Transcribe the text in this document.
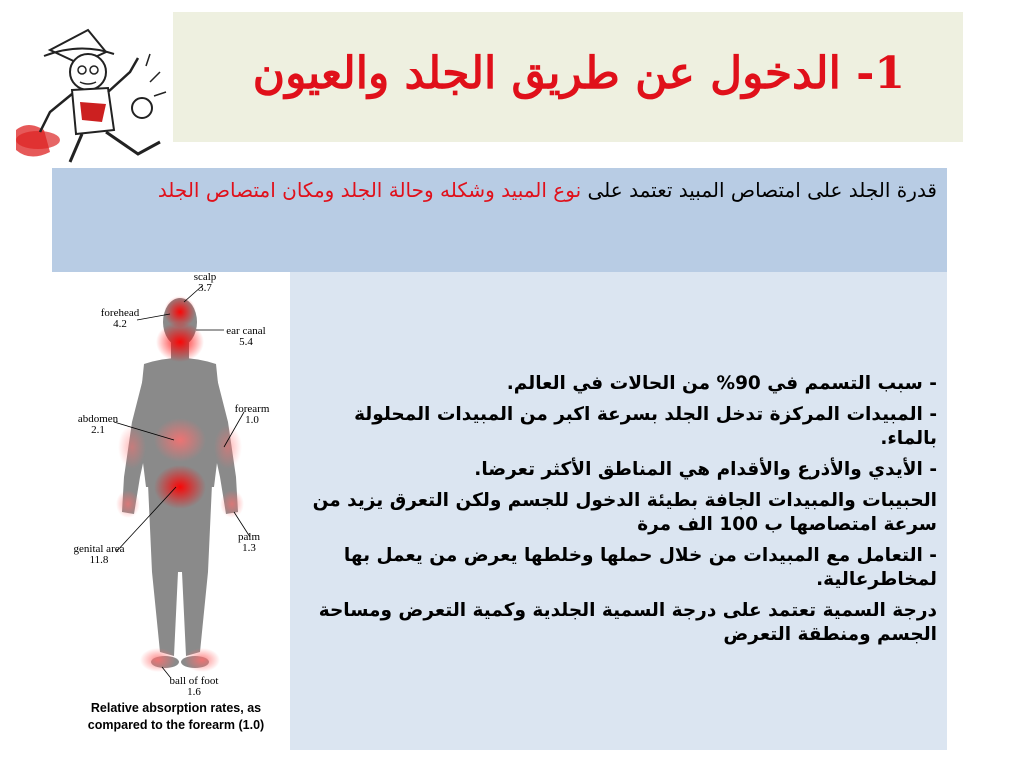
1- الدخول عن طريق الجلد والعيون
قدرة الجلد على امتصاص المبيد تعتمد على نوع المبيد وشكله وحالة الجلد ومكان امتصاص الجلد

- سبب التسمم في 90% من الحالات في العالم.

- المبيدات المركزة تدخل الجلد بسرعة اكبر من المبيدات المحلولة بالماء.

- الأيدي والأذرع والأقدام هي المناطق الأكثر تعرضا.

الحبيبات والمبيدات الجافة بطيئة الدخول للجسم ولكن التعرق يزيد من سرعة امتصاصها ب 100 الف مرة

- التعامل مع المبيدات من خلال حملها وخلطها يعرض من يعمل بها لمخاطرعالية.

درجة السمية تعتمد على درجة السمية الجلدية وكمية التعرض ومساحة الجسم ومنطقة التعرض

scalp
3.7
forehead
4.2
ear canal
5.4
forearm
1.0
abdomen
2.1
palm
1.3
genital area
11.8
ball of foot
1.6
Relative absorption rates, as
compared to the forearm (1.0)
